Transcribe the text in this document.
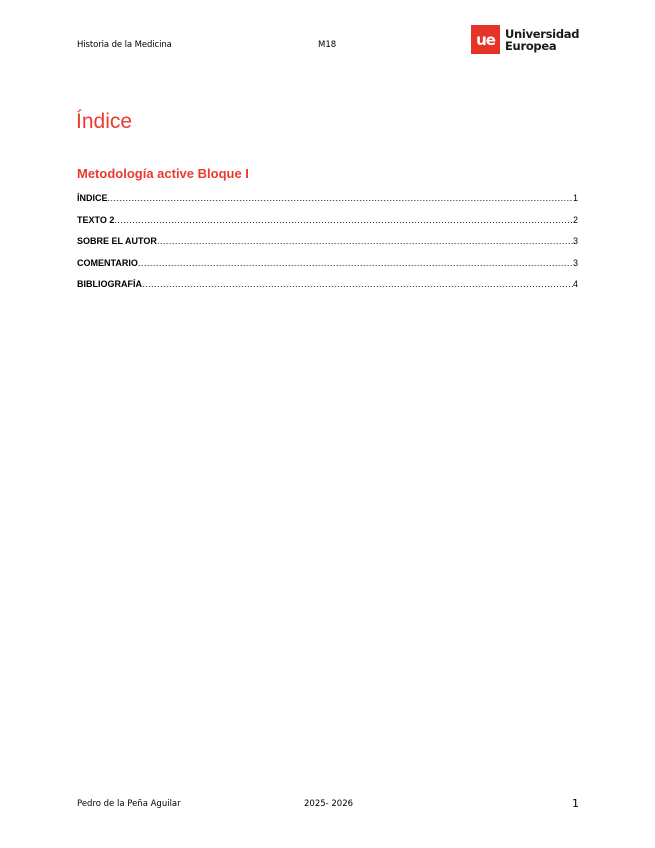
Historia de la Medicina	M18	ue Universidad
Europea
Índice
Metodología active Bloque I
ÍNDICE .....	1
TEXTO 2 .....	2
SOBRE EL AUTOR .....	3
COMENTARIO .....	3
BIBLIOGRAFÍA .....	4
Pedro de la Peña Aguilar	2025- 2026	1
